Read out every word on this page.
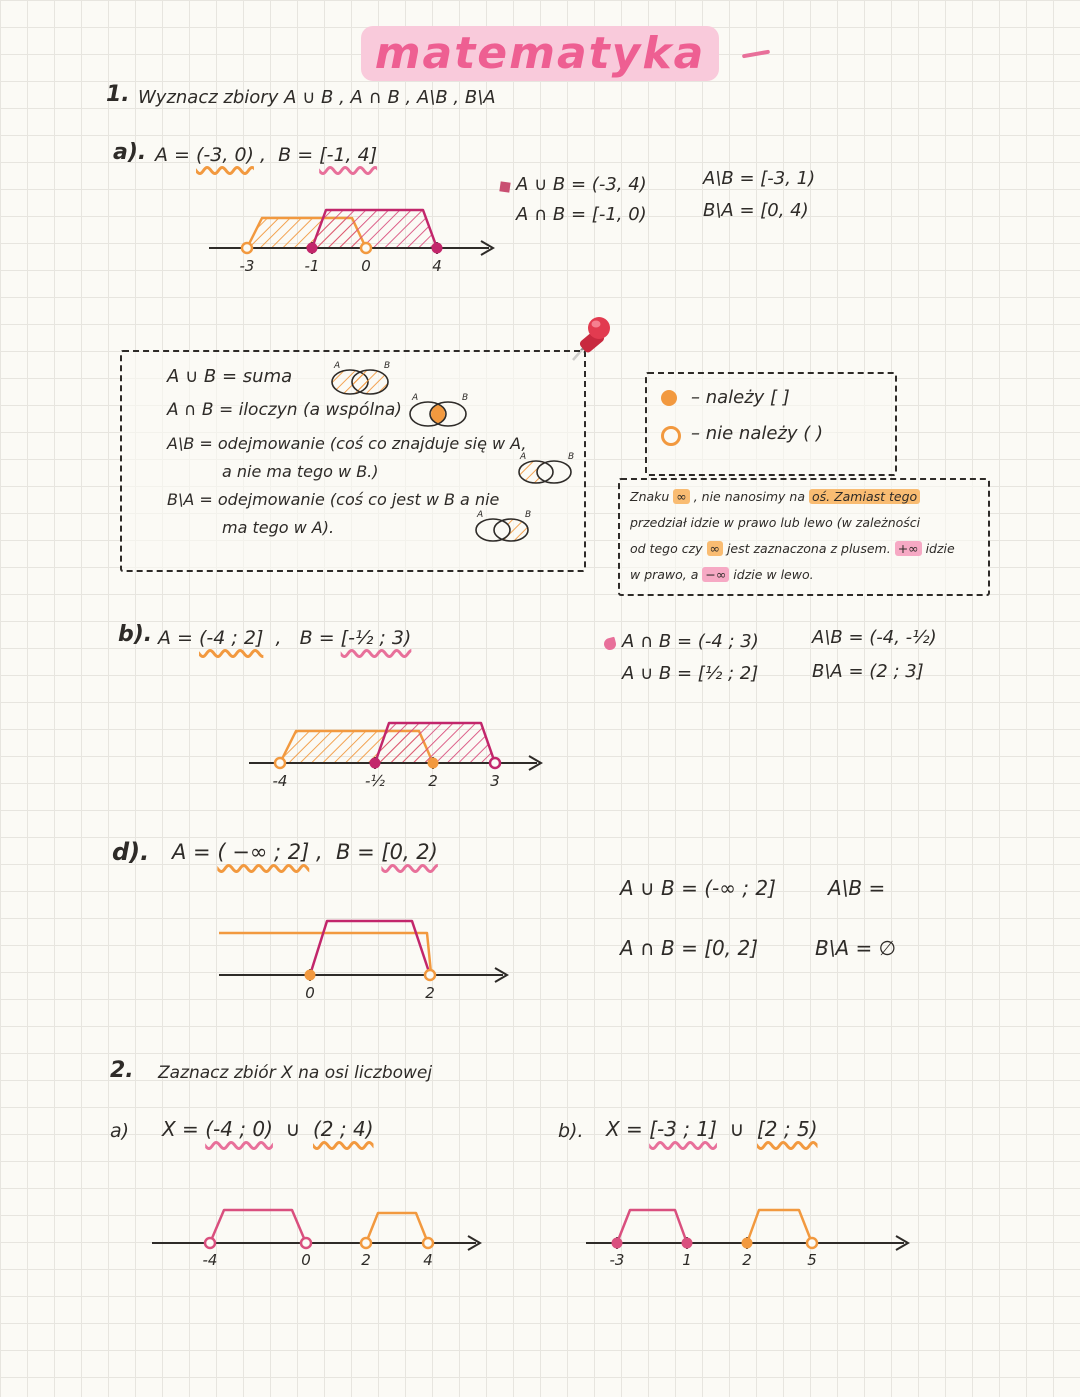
matematyka
1. Wyznacz zbiory A ∪ B , A ∩ B , A\B , B\A
a). A = (-3, 0) , B = [-1, 4]
-3	-1	0	4
A ∪ B = (-3, 4)
A ∩ B = [-1, 0)
A\B = [-3, 1)
B\A = [0, 4)
A ∪ B = suma	A	B
A ∩ B = iloczyn (a wspólna)
A	B
A\B = odejmowanie (coś co znajduje się w A,
a nie ma tego w B.)
A	B
B\A = odejmowanie (coś co jest w B a nie
ma tego w A).
A	B
– należy [ ]
– nie należy ( )
Znaku ∞ , nie nanosimy na oś. Zamiast tego
przedział idzie w prawo lub lewo (w zależności
od tego czy ∞ jest zaznaczona z plusem. +∞ idzie
w prawo, a −∞ idzie w lewo.
b). A = (-4 ; 2] , B = [-½ ; 3)	A ∩ B = (-4 ; 3)
A ∪ B = [½ ; 2]
A\B = (-4, -½)
B\A = (2 ; 3]
-4	-½	2	3
d). A = ( −∞ ; 2] , B = [0, 2)
A ∪ B = (-∞ ; 2]	A\B =
A ∩ B = [0, 2]	B\A = ∅
0	2
2. Zaznacz zbiór X na osi liczbowej
a) X = (-4 ; 0) ∪ (2 ; 4)	b). X = [-3 ; 1] ∪ [2 ; 5)
-4	0	2	4	-3	1	2	5
